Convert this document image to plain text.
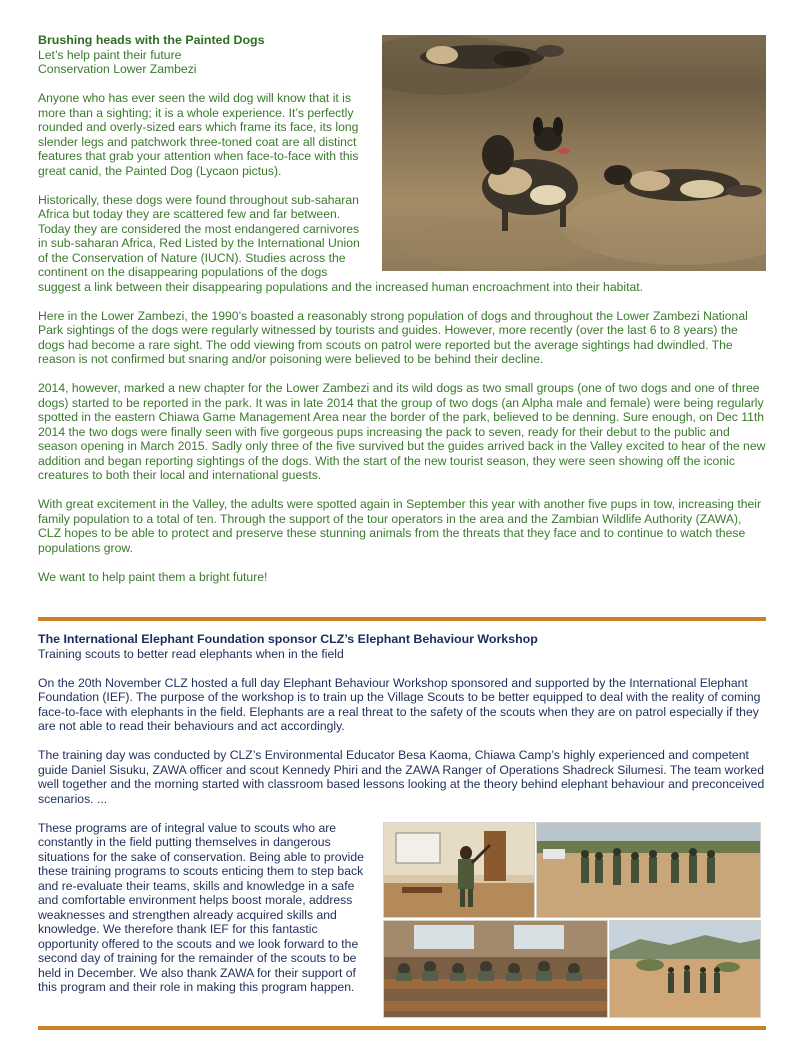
Brushing heads with the Painted Dogs
Let’s help paint their future
Conservation Lower Zambezi

Anyone who has ever seen the wild dog will know that it is more than a sighting; it is a whole experience. It’s perfectly rounded and overly-sized ears which frame its face, its long slender legs and patchwork three-toned coat are all distinct features that grab your attention when face-to-face with this great canid, the Painted Dog (Lycaon pictus).

Historically, these dogs were found throughout sub-saharan Africa but today they are scattered few and far between. Today they are considered the most endangered carnivores in sub-saharan Africa, Red Listed by the International Union of the Conservation of Nature (IUCN). Studies across the continent on the disappearing populations of the dogs suggest a link between their disappearing populations and the increased human encroachment into their habitat.

Here in the Lower Zambezi, the 1990’s boasted a reasonably strong population of dogs and throughout the Lower Zambezi National Park sightings of the dogs were regularly witnessed by tourists and guides. However, more recently (over the last 6 to 8 years) the dogs had become a rare sight. The odd viewing from scouts on patrol were reported but the average sightings had dwindled. The reason is not confirmed but snaring and/or poisoning were believed to be behind their decline.

2014, however, marked a new chapter for the Lower Zambezi and its wild dogs as two small groups (one of two dogs and one of three dogs) started to be reported in the park. It was in late 2014 that the group of two dogs (an Alpha male and female) were being regularly spotted in the eastern Chiawa Game Management Area near the border of the park, believed to be denning. Sure enough, on Dec 11th 2014 the two dogs were finally seen with five gorgeous pups increasing the pack to seven, ready for their debut to the public and season opening in March 2015. Sadly only three of the five survived but the guides arrived back in the Valley excited to hear of the new addition and began reporting sightings of the dogs. With the start of the new tourist season, they were seen showing off the iconic creatures to both their local and international guests.

With great excitement in the Valley, the adults were spotted again in September this year with another five pups in tow, increasing their family population to a total of ten. Through the support of the tour operators in the area and the Zambian Wildlife Authority (ZAWA), CLZ hopes to be able to protect and preserve these stunning animals from the threats that they face and to continue to watch these populations grow.

We want to help paint them a bright future!

The International Elephant Foundation sponsor CLZ’s Elephant Behaviour Workshop
Training scouts to better read elephants when in the field

On the 20th November CLZ hosted a full day Elephant Behaviour Workshop sponsored and supported by the International Elephant Foundation (IEF). The purpose of the workshop is to train up the Village Scouts to be better equipped to deal with the reality of coming face-to-face with elephants in the field. Elephants are a real threat to the safety of the scouts when they are on patrol especially if they are not able to read their behaviours and act accordingly.

The training day was conducted by CLZ’s Environmental Educator Besa Kaoma, Chiawa Camp’s highly experienced and competent guide Daniel Sisuku, ZAWA officer and scout Kennedy Phiri and the ZAWA Ranger of Operations Shadreck Silumesi. The team worked well together and the morning started with classroom based lessons looking at the theory behind elephant behaviour and preconceived scenarios. ...

These programs are of integral value to scouts who are constantly in the field putting themselves in dangerous situations for the sake of conservation. Being able to provide these training programs to scouts enticing them to step back and re-evaluate their teams, skills and knowledge in a safe and comfortable environment helps boost morale, address weaknesses and strengthen already acquired skills and knowledge. We therefore thank IEF for this fantastic opportunity offered to the scouts and we look forward to the second day of training for the remainder of the scouts to be held in December. We also thank ZAWA for their support of this program and their role in making this program happen.
